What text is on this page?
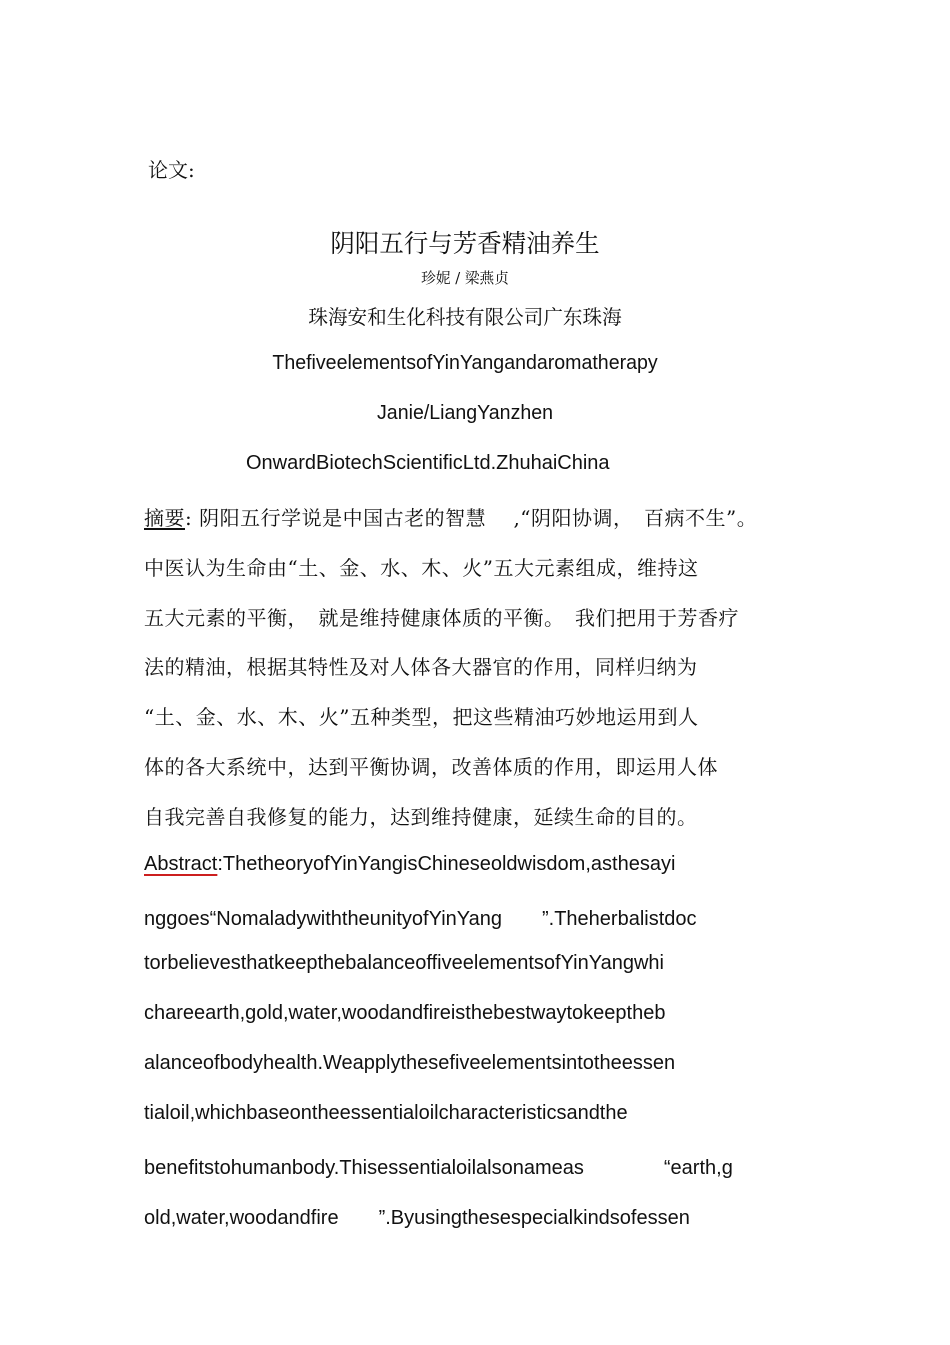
论文:
阴阳五行与芳香精油养生
珍妮 / 梁燕贞
珠海安和生化科技有限公司广东珠海
ThefiveelementsofYinYangandaromatherapy
Janie/LiangYanzhen
OnwardBiotechScientificLtd.ZhuhaiChina
摘要: 阴阳五行学说是中国古老的智慧　 ,“阴阳协调，　百病不生”。
中医认为生命由“土、金、水、木、火”五大元素组成，维持这
五大元素的平衡，　就是维持健康体质的平衡。　我们把用于芳香疗
法的精油，根据其特性及对人体各大器官的作用，同样归纳为
“土、金、水、木、火”五种类型，把这些精油巧妙地运用到人
体的各大系统中，达到平衡协调，改善体质的作用，即运用人体
自我完善自我修复的能力，达到维持健康，延续生命的目的。
Abstract:ThetheoryofYinYangisChineseoldwisdom,asthesayi
nggoes“NomaladywiththeunityofYinYang　　”.Theherbalistdoc
torbelievesthatkeepthebalanceoffiveelementsofYinYangwhi
chareearth,gold,water,woodandfireisthebestwaytokeeptheb
alanceofbodyhealth.Weapplythesefiveelementsintotheessen
tialoil,whichbaseontheessentialoilcharacteristicsandthe
benefitstohumanbody.Thisessentialoilalsonameas　　　　“earth,g
old,water,woodandfire　　”.Byusingthesespecialkindsofessen
